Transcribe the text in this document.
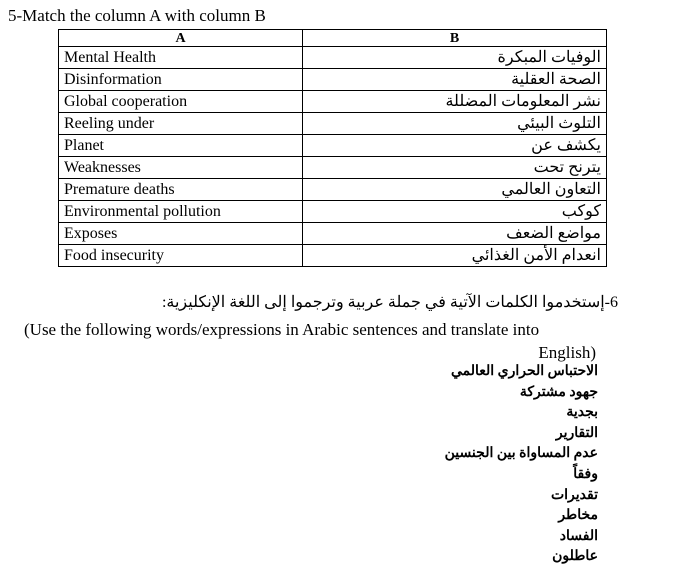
5-Match the column A with column B
A	B
Mental Health	الوفيات المبكرة
Disinformation	الصحة العقلية
Global cooperation	نشر المعلومات المضللة
Reeling under	التلوث البيئي
Planet	يكشف عن
Weaknesses	يترنح تحت
Premature deaths	التعاون العالمي
Environmental pollution	كوكب
Exposes	مواضع الضعف
Food insecurity	انعدام الأمن الغذائي
6-إستخدموا الكلمات الآتية في جملة عربية وترجموا إلى اللغة الإنكليزية:
(Use the following words/expressions in Arabic sentences and translate into
English)
الاحتباس الحراري العالمي
جهود مشتركة
بجدية
التقارير
عدم المساواة بين الجنسين
وفقاً
تقديرات
مخاطر
الفساد
عاطلون
